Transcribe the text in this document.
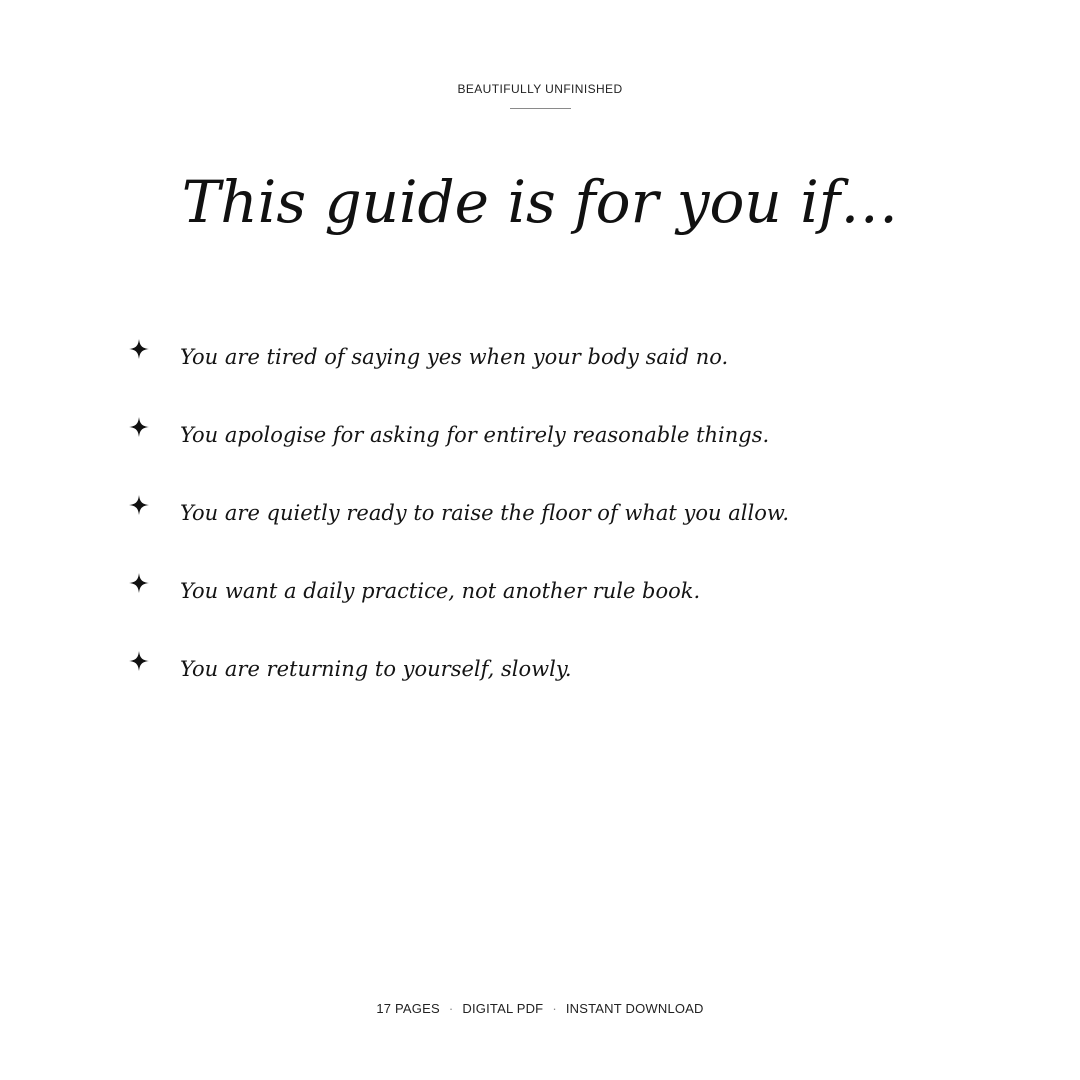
BEAUTIFULLY UNFINISHED
This guide is for you if…
You are tired of saying yes when your body said no.
You apologise for asking for entirely reasonable things.
You are quietly ready to raise the floor of what you allow.
You want a daily practice, not another rule book.
You are returning to yourself, slowly.
17 PAGES · DIGITAL PDF · INSTANT DOWNLOAD
